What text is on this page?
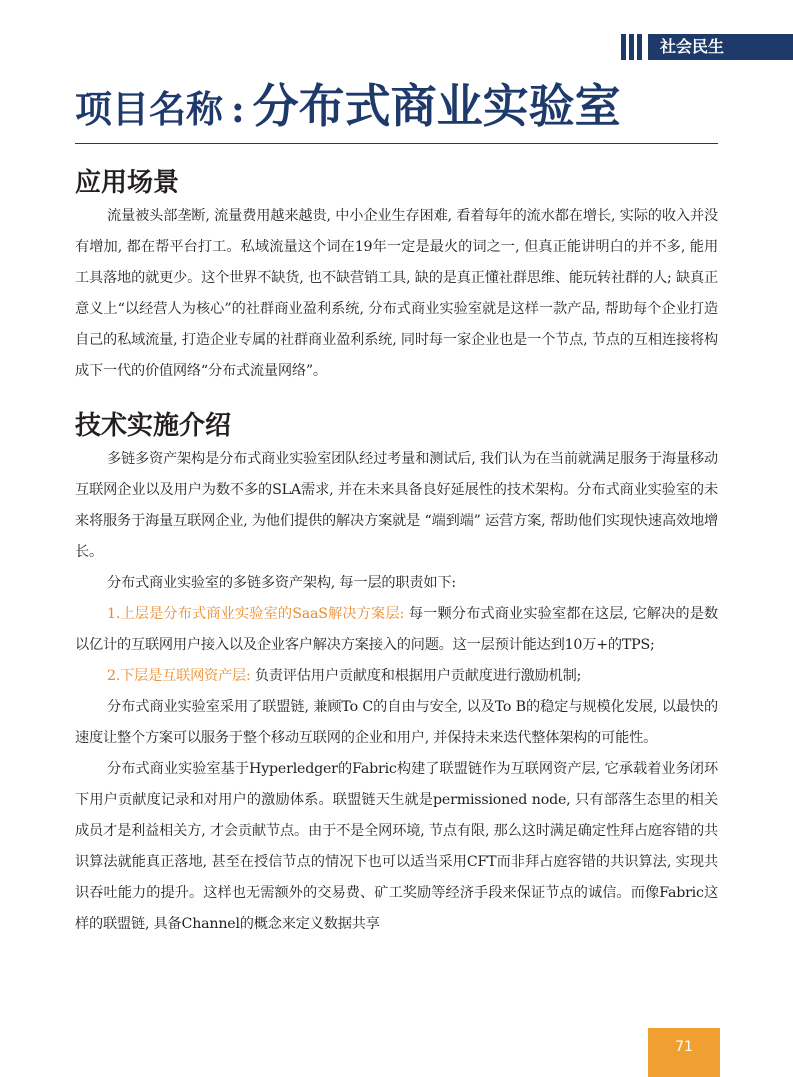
社会民生
项目名称 : 分布式商业实验室
应用场景

流量被头部垄断, 流量费用越来越贵, 中小企业生存困难, 看着每年的流水都在增长, 实际的收入并没有增加, 都在帮平台打工。私域流量这个词在19年一定是最火的词之一, 但真正能讲明白的并不多, 能用工具落地的就更少。这个世界不缺货, 也不缺营销工具, 缺的是真正懂社群思维、能玩转社群的人; 缺真正意义上“以经营人为核心”的社群商业盈利系统, 分布式商业实验室就是这样一款产品, 帮助每个企业打造自己的私域流量, 打造企业专属的社群商业盈利系统, 同时每一家企业也是一个节点, 节点的互相连接将构成下一代的价值网络“分布式流量网络”。

技术实施介绍

多链多资产架构是分布式商业实验室团队经过考量和测试后, 我们认为在当前就满足服务于海量移动互联网企业以及用户为数不多的SLA需求, 并在未来具备良好延展性的技术架构。分布式商业实验室的未来将服务于海量互联网企业, 为他们提供的解决方案就是 “端到端” 运营方案, 帮助他们实现快速高效地增长。

分布式商业实验室的多链多资产架构, 每一层的职责如下:

1.上层是分布式商业实验室的SaaS解决方案层: 每一颗分布式商业实验室都在这层, 它解决的是数以亿计的互联网用户接入以及企业客户解决方案接入的问题。这一层预计能达到10万+的TPS;

2.下层是互联网资产层: 负责评估用户贡献度和根据用户贡献度进行激励机制;

分布式商业实验室采用了联盟链, 兼顾To C的自由与安全, 以及To B的稳定与规模化发展, 以最快的速度让整个方案可以服务于整个移动互联网的企业和用户, 并保持未来迭代整体架构的可能性。

分布式商业实验室基于Hyperledger的Fabric构建了联盟链作为互联网资产层, 它承载着业务闭环下用户贡献度记录和对用户的激励体系。联盟链天生就是permissioned node, 只有部落生态里的相关成员才是利益相关方, 才会贡献节点。由于不是全网环境, 节点有限, 那么这时满足确定性拜占庭容错的共识算法就能真正落地, 甚至在授信节点的情况下也可以适当采用CFT而非拜占庭容错的共识算法, 实现共识吞吐能力的提升。这样也无需额外的交易费、矿工奖励等经济手段来保证节点的诚信。而像Fabric这样的联盟链, 具备Channel的概念来定义数据共享

71
